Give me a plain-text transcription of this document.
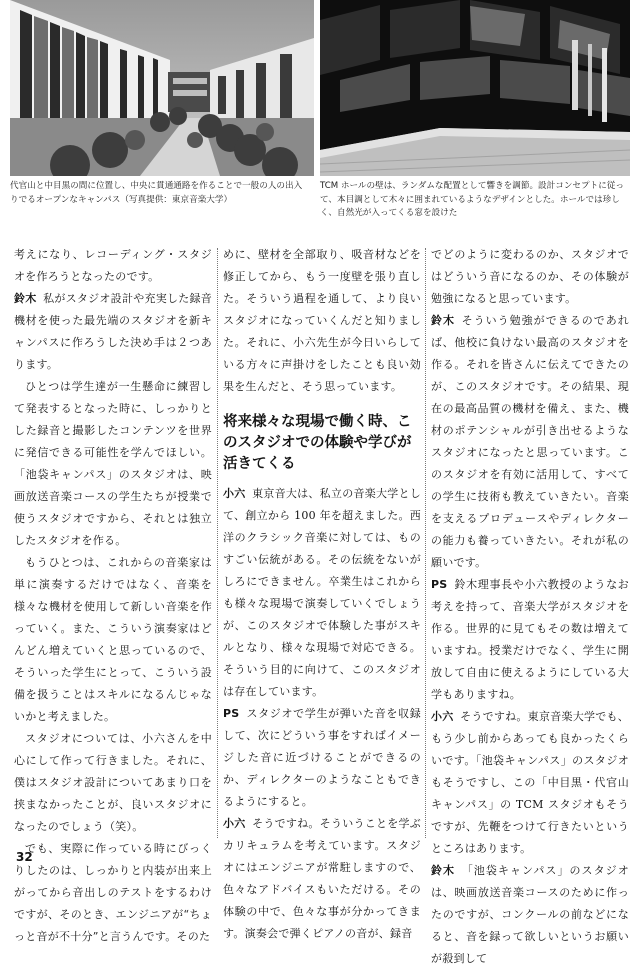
代官山と中目黒の間に位置し、中央に貫通通路を作ることで一般の人の出入りでるオープンなキャンパス（写真提供：東京音楽大学）
TCM ホールの壁は、ランダムな配置として響きを調節。設計コンセプトに従って、本目調として木々に囲まれているようなデザインとした。ホールでは珍しく、自然光が入ってくる窓を設けた

考えになり、レコーディング・スタジオを作ろうとなったのです。

鈴木 私がスタジオ設計や充実した録音機材を使った最先端のスタジオを新キャンパスに作ろうした決め手は２つあります。

ひとつは学生達が一生懸命に練習して発表するとなった時に、しっかりとした録音と撮影したコンテンツを世界に発信できる可能性を学んでほしい。「池袋キャンパス」のスタジオは、映画放送音楽コースの学生たちが授業で使うスタジオですから、それとは独立したスタジオを作る。

もうひとつは、これからの音楽家は単に演奏するだけではなく、音楽を様々な機材を使用して新しい音楽を作っていく。また、こういう演奏家はどんどん増えていくと思っているので、そういった学生にとって、こういう設備を扱うことはスキルになるんじゃないかと考えました。

スタジオについては、小六さんを中心にして作って行きました。それに、僕はスタジオ設計についてあまり口を挟まなかったことが、良いスタジオになったのでしょう（笑）。

でも、実際に作っている時にびっくりしたのは、しっかりと内装が出来上がってから音出しのテストをするわけですが、そのとき、エンジニアが“ちょっと音が不十分”と言うんです。そのた

めに、壁材を全部取り、吸音材などを修正してから、もう一度壁を張り直した。そういう過程を通して、より良いスタジオになっていくんだと知りました。それに、小六先生が今日いらしている方々に声掛けをしたことも良い効果を生んだと、そう思っています。

将来様々な現場で働く時、このスタジオでの体験や学びが活きてくる

小六 東京音大は、私立の音楽大学として、創立から 100 年を超えました。西洋のクラシック音楽に対しては、ものすごい伝統がある。その伝統をないがしろにできません。卒業生はこれからも様々な現場で演奏していくでしょうが、このスタジオで体験した事がスキルとなり、様々な現場で対応できる。そういう目的に向けて、このスタジオは存在しています。

PS スタジオで学生が弾いた音を収録して、次にどういう事をすればイメージした音に近づけることができるのか、ディレクターのようなこともできるようにすると。

小六 そうですね。そういうことを学ぶカリキュラムを考えています。スタジオにはエンジニアが常駐しますので、色々なアドバイスもいただける。その体験の中で、色々な事が分かってきます。演奏会で弾くピアノの音が、録音

でどのように変わるのか、スタジオではどういう音になるのか、その体験が勉強になると思っています。

鈴木 そういう勉強ができるのであれば、他校に負けない最高のスタジオを作る。それを皆さんに伝えてできたのが、このスタジオです。その結果、現在の最高品質の機材を備え、また、機材のポテンシャルが引き出せるようなスタジオになったと思っています。このスタジオを有効に活用して、すべての学生に技術も教えていきたい。音楽を支えるプロデュースやディレクターの能力も養っていきたい。それが私の願いです。

PS 鈴木理事長や小六教授のようなお考えを持って、音楽大学がスタジオを作る。世界的に見てもその数は増えていますね。授業だけでなく、学生に開放して自由に使えるようにしている大学もありますね。

小六 そうですね。東京音楽大学でも、もう少し前からあっても良かったくらいです。「池袋キャンパス」のスタジオもそうですし、この「中目黒・代官山キャンパス」の TCM スタジオもそうですが、先鞭をつけて行きたいというところはあります。

鈴木 「池袋キャンパス」のスタジオは、映画放送音楽コースのために作ったのですが、コンクールの前などになると、音を録って欲しいというお願いが殺到して

32
